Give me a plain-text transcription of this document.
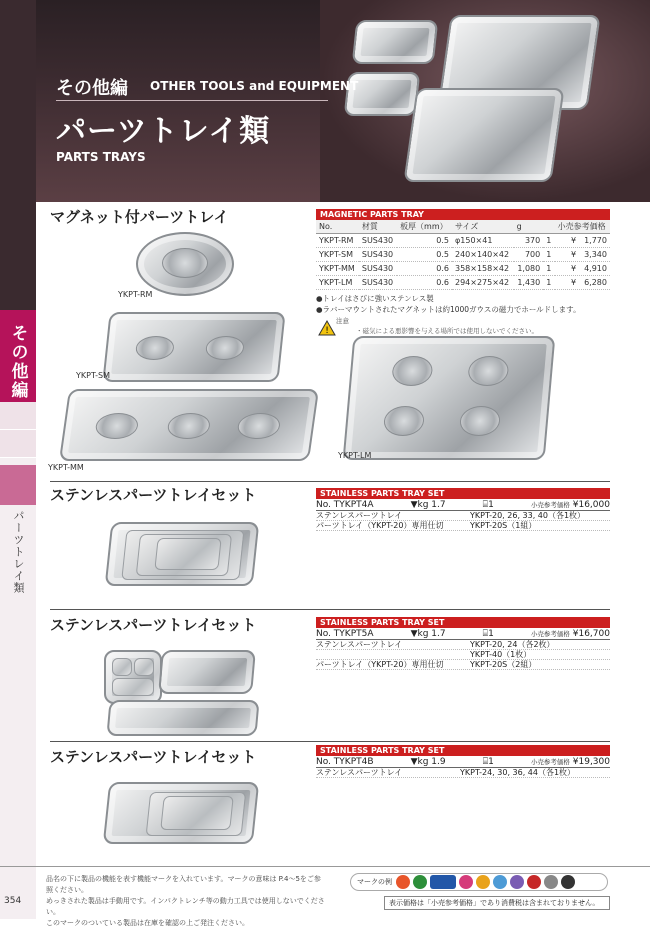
その他編
パーツトレイ類
その他編 OTHER TOOLS and EQUIPMENT
パーツトレイ類
PARTS TRAYS
マグネット付パーツトレイ	MAGNETIC PARTS TRAY
No.	材質	板厚（mm）	サイズ	g		小売参考価格
YKPT-RM	SUS430	0.5	φ150×41	370	1	¥　1,770
YKPT-SM	SUS430	0.5	240×140×42	700	1	¥　3,340
YKPT-MM	SUS430	0.6	358×158×42	1,080	1	¥　4,910
YKPT-LM	SUS430	0.6	294×275×42	1,430	1	¥　6,280
●トレイはさびに強いステンレス製
●ラバーマウントされたマグネットは約1000ガウスの磁力でホールドします。
!
注意
・磁気による悪影響を与える場所では使用しないでください。
YKPT-RM
YKPT-SM
YKPT-MM
YKPT-LM
ステンレスパーツトレイセット	STAINLESS PARTS TRAY SET
No. TYKPT4A	▼kg 1.7	⌸1	小売参考価格 ¥16,000
ステンレスパーツトレイ	YKPT-20, 26, 33, 40（各1枚）
パーツトレイ（YKPT-20）専用仕切	YKPT-20S（1組）
ステンレスパーツトレイセット	STAINLESS PARTS TRAY SET
No. TYKPT5A	▼kg 1.7	⌸1	小売参考価格 ¥16,700
ステンレスパーツトレイ	YKPT-20, 24（各2枚）
YKPT-40（1枚）
パーツトレイ（YKPT-20）専用仕切	YKPT-20S（2組）
ステンレスパーツトレイセット	STAINLESS PARTS TRAY SET
No. TYKPT4B	▼kg 1.9	⌸1	小売参考価格 ¥19,300
ステンレスパーツトレイ	YKPT-24, 30, 36, 44（各1枚）
354
品名の下に製品の機能を表す機能マークを入れています。マークの意味は P.4〜5をご参照ください。
めっきされた製品は手動用です。インパクトレンチ等の動力工具では使用しないでください。
このマークのついている製品は在庫を確認の上ご発注ください。
マークの例
表示価格は「小売参考価格」であり消費税は含まれておりません。
